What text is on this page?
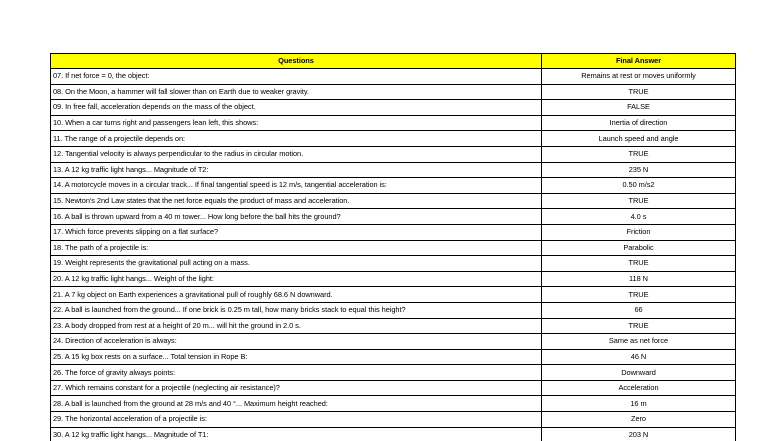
Questions	Final Answer
07. If net force = 0, the object:	Remains at rest or moves uniformly
08. On the Moon, a hammer will fall slower than on Earth due to weaker gravity.	TRUE
09. In free fall, acceleration depends on the mass of the object.	FALSE
10. When a car turns right and passengers lean left, this shows:	Inertia of direction
11. The range of a projectile depends on:	Launch speed and angle
12. Tangential velocity is always perpendicular to the radius in circular motion.	TRUE
13. A 12 kg traffic light hangs... Magnitude of T2:	235 N
14. A motorcycle moves in a circular track... If final tangential speed is 12 m/s, tangential acceleration is:	0.50 m/s2
15. Newton's 2nd Law states that the net force equals the product of mass and acceleration.	TRUE
16. A ball is thrown upward from a 40 m tower... How long before the ball hits the ground?	4.0 s
17. Which force prevents slipping on a flat surface?	Friction
18. The path of a projectile is:	Parabolic
19. Weight represents the gravitational pull acting on a mass.	TRUE
20. A 12 kg traffic light hangs... Weight of the light:	118 N
21. A 7 kg object on Earth experiences a gravitational pull of roughly 68.6 N downward.	TRUE
22. A ball is launched from the ground... If one brick is 0.25 m tall, how many bricks stack to equal this height?	66
23. A body dropped from rest at a height of 20 m... will hit the ground in 2.0 s.	TRUE
24. Direction of acceleration is always:	Same as net force
25. A 15 kg box rests on a surface... Total tension in Rope B:	46 N
26. The force of gravity always points:	Downward
27. Which remains constant for a projectile (neglecting air resistance)?	Acceleration
28. A ball is launched from the ground at 28 m/s and 40 °... Maximum height reached:	16 m
29. The horizontal acceleration of a projectile is:	Zero
30. A 12 kg traffic light hangs... Magnitude of T1:	203 N
